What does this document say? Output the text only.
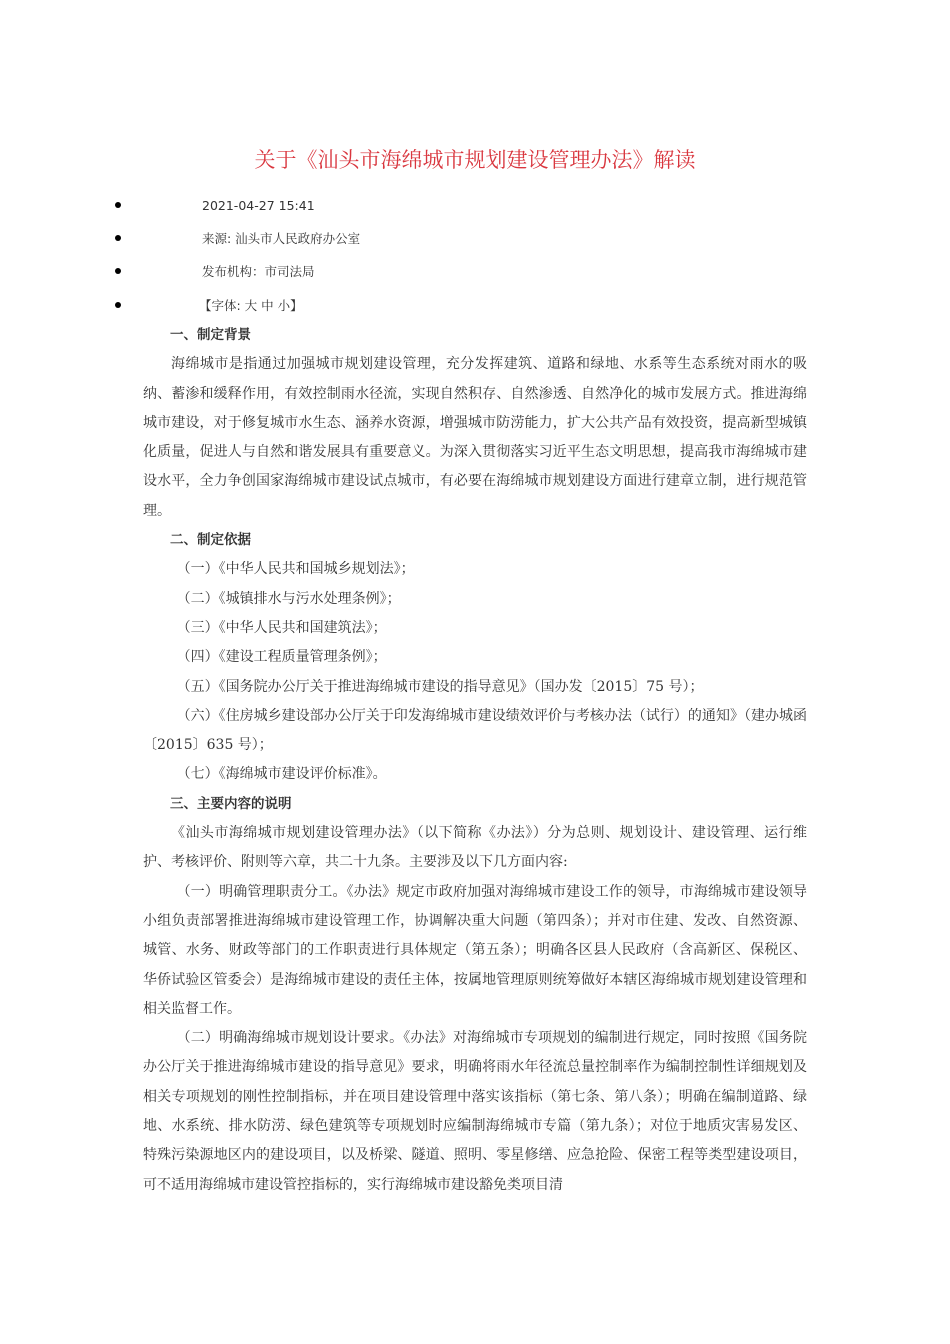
关于《汕头市海绵城市规划建设管理办法》解读
2021-04-27 15:41
来源: 汕头市人民政府办公室
发布机构：市司法局
【字体: 大 中 小】

一、制定背景

海绵城市是指通过加强城市规划建设管理，充分发挥建筑、道路和绿地、水系等生态系统对雨水的吸纳、蓄渗和缓释作用，有效控制雨水径流，实现自然积存、自然渗透、自然净化的城市发展方式。推进海绵城市建设，对于修复城市水生态、涵养水资源，增强城市防涝能力，扩大公共产品有效投资，提高新型城镇化质量，促进人与自然和谐发展具有重要意义。为深入贯彻落实习近平生态文明思想，提高我市海绵城市建设水平，全力争创国家海绵城市建设试点城市，有必要在海绵城市规划建设方面进行建章立制，进行规范管理。

二、制定依据

（一）《中华人民共和国城乡规划法》；

（二）《城镇排水与污水处理条例》；

（三）《中华人民共和国建筑法》；

（四）《建设工程质量管理条例》；

（五）《国务院办公厅关于推进海绵城市建设的指导意见》（国办发〔2015〕75 号）；

（六）《住房城乡建设部办公厅关于印发海绵城市建设绩效评价与考核办法（试行）的通知》（建办城函〔2015〕635 号）；

（七）《海绵城市建设评价标准》。

三、主要内容的说明

《汕头市海绵城市规划建设管理办法》（以下简称《办法》）分为总则、规划设计、建设管理、运行维护、考核评价、附则等六章，共二十九条。主要涉及以下几方面内容:

（一）明确管理职责分工。《办法》规定市政府加强对海绵城市建设工作的领导，市海绵城市建设领导小组负责部署推进海绵城市建设管理工作，协调解决重大问题（第四条）；并对市住建、发改、自然资源、城管、水务、财政等部门的工作职责进行具体规定（第五条）；明确各区县人民政府（含高新区、保税区、华侨试验区管委会）是海绵城市建设的责任主体，按属地管理原则统筹做好本辖区海绵城市规划建设管理和相关监督工作。

（二）明确海绵城市规划设计要求。《办法》对海绵城市专项规划的编制进行规定，同时按照《国务院办公厅关于推进海绵城市建设的指导意见》要求，明确将雨水年径流总量控制率作为编制控制性详细规划及相关专项规划的刚性控制指标，并在项目建设管理中落实该指标（第七条、第八条）；明确在编制道路、绿地、水系统、排水防涝、绿色建筑等专项规划时应编制海绵城市专篇（第九条）；对位于地质灾害易发区、特殊污染源地区内的建设项目，以及桥梁、隧道、照明、零星修缮、应急抢险、保密工程等类型建设项目，可不适用海绵城市建设管控指标的，实行海绵城市建设豁免类项目清
